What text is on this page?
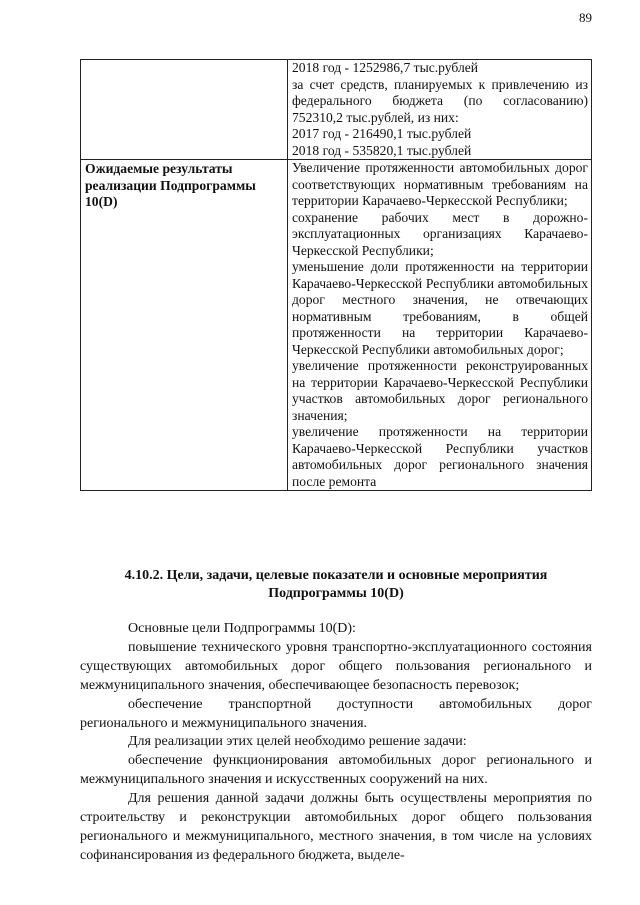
89

	2018 год - 1252986,7 тыс.рублей
за счет средств, планируемых к привлечению из федерального бюджета (по согласованию) 752310,2 тыс.рублей, из них:
2017 год - 216490,1 тыс.рублей
2018 год - 535820,1 тыс.рублей

Ожидаемые результаты реализации Подпрограммы 10(D)	Увеличение протяженности автомобильных дорог соответствующих нормативным требованиям на территории Карачаево-Черкесской Республики;
сохранение рабочих мест в дорожно-эксплуатационных организациях Карачаево-Черкесской Республики;
уменьшение доли протяженности на территории Карачаево-Черкесской Республики автомобильных дорог местного значения, не отвечающих нормативным требованиям, в общей протяженности на территории Карачаево-Черкесской Республики автомобильных дорог;
увеличение протяженности реконструированных на территории Карачаево-Черкесской Республики участков автомобильных дорог регионального значения;
увеличение протяженности на территории Карачаево-Черкесской Республики участков автомобильных дорог регионального значения после ремонта
4.10.2. Цели, задачи, целевые показатели и основные мероприятия Подпрограммы 10(D)

Основные цели Подпрограммы 10(D):

повышение технического уровня транспортно-эксплуатационного состояния существующих автомобильных дорог общего пользования регионального и межмуниципального значения, обеспечивающее безопасность перевозок;

обеспечение транспортной доступности автомобильных дорог регионального и межмуниципального значения.

Для реализации этих целей необходимо решение задачи:

обеспечение функционирования автомобильных дорог регионального и межмуниципального значения и искусственных сооружений на них.

Для решения данной задачи должны быть осуществлены мероприятия по строительству и реконструкции автомобильных дорог общего пользования регионального и межмуниципального, местного значения, в том числе на условиях софинансирования из федерального бюджета, выделе-
